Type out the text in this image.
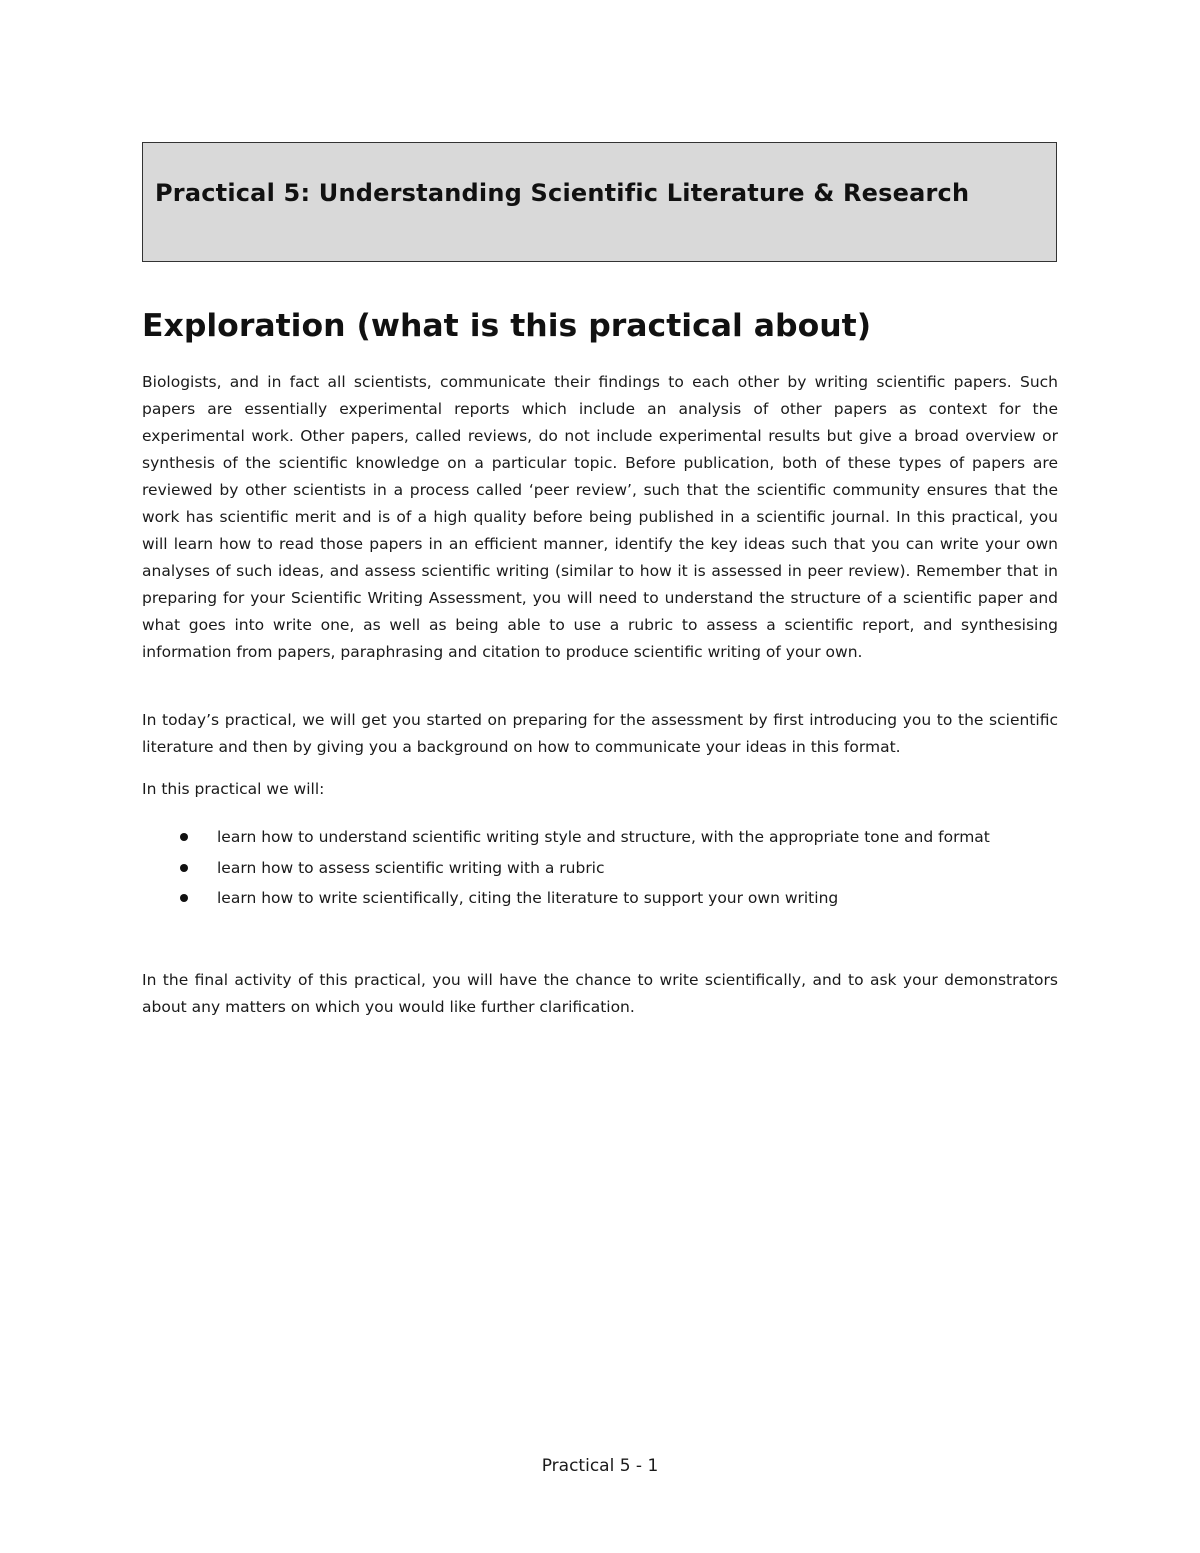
Practical 5: Understanding Scientific Literature & Research
Exploration (what is this practical about)

Biologists, and in fact all scientists, communicate their findings to each other by writing scientific papers. Such papers are essentially experimental reports which include an analysis of other papers as context for the experimental work. Other papers, called reviews, do not include experimental results but give a broad overview or synthesis of the scientific knowledge on a particular topic. Before publication, both of these types of papers are reviewed by other scientists in a process called ‘peer review’, such that the scientific community ensures that the work has scientific merit and is of a high quality before being published in a scientific journal. In this practical, you will learn how to read those papers in an efficient manner, identify the key ideas such that you can write your own analyses of such ideas, and assess scientific writing (similar to how it is assessed in peer review). Remember that in preparing for your Scientific Writing Assessment, you will need to understand the structure of a scientific paper and what goes into write one, as well as being able to use a rubric to assess a scientific report, and synthesising information from papers, paraphrasing and citation to produce scientific writing of your own.

In today’s practical, we will get you started on preparing for the assessment by first introducing you to the scientific literature and then by giving you a background on how to communicate your ideas in this format.

In this practical we will:

learn how to understand scientific writing style and structure, with the appropriate tone and format
learn how to assess scientific writing with a rubric
learn how to write scientifically, citing the literature to support your own writing

In the final activity of this practical, you will have the chance to write scientifically, and to ask your demonstrators about any matters on which you would like further clarification.

Practical 5 - 1
